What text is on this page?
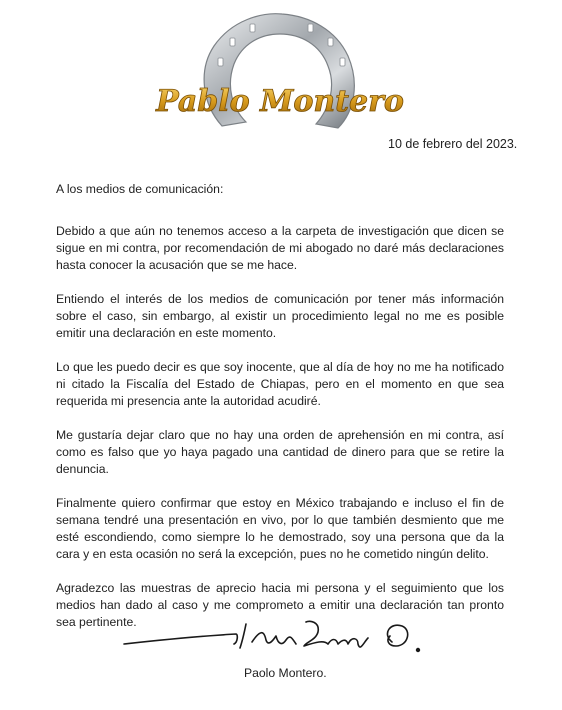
Pablo Montero
10 de febrero del 2023.

A los medios de comunicación:

Debido a que aún no tenemos acceso a la carpeta de investigación que dicen se sigue en mi contra, por recomendación de mi abogado no daré más declaraciones hasta conocer la acusación que se me hace.

Entiendo el interés de los medios de comunicación por tener más información sobre el caso, sin embargo, al existir un procedimiento legal no me es posible emitir una declaración en este momento.

Lo que les puedo decir es que soy inocente, que al día de hoy no me ha notificado ni citado la Fiscalía del Estado de Chiapas, pero en el momento en que sea requerida mi presencia ante la autoridad acudiré.

Me gustaría dejar claro que no hay una orden de aprehensión en mi contra, así como es falso que yo haya pagado una cantidad de dinero para que se retire la denuncia.

Finalmente quiero confirmar que estoy en México trabajando e incluso el fin de semana tendré una presentación en vivo, por lo que también desmiento que me esté escondiendo, como siempre lo he demostrado, soy una persona que da la cara y en esta ocasión no será la excepción, pues no he cometido ningún delito.

Agradezco las muestras de aprecio hacia mi persona y el seguimiento que los medios han dado al caso y me comprometo a emitir una declaración tan pronto sea pertinente.

Paolo Montero.
